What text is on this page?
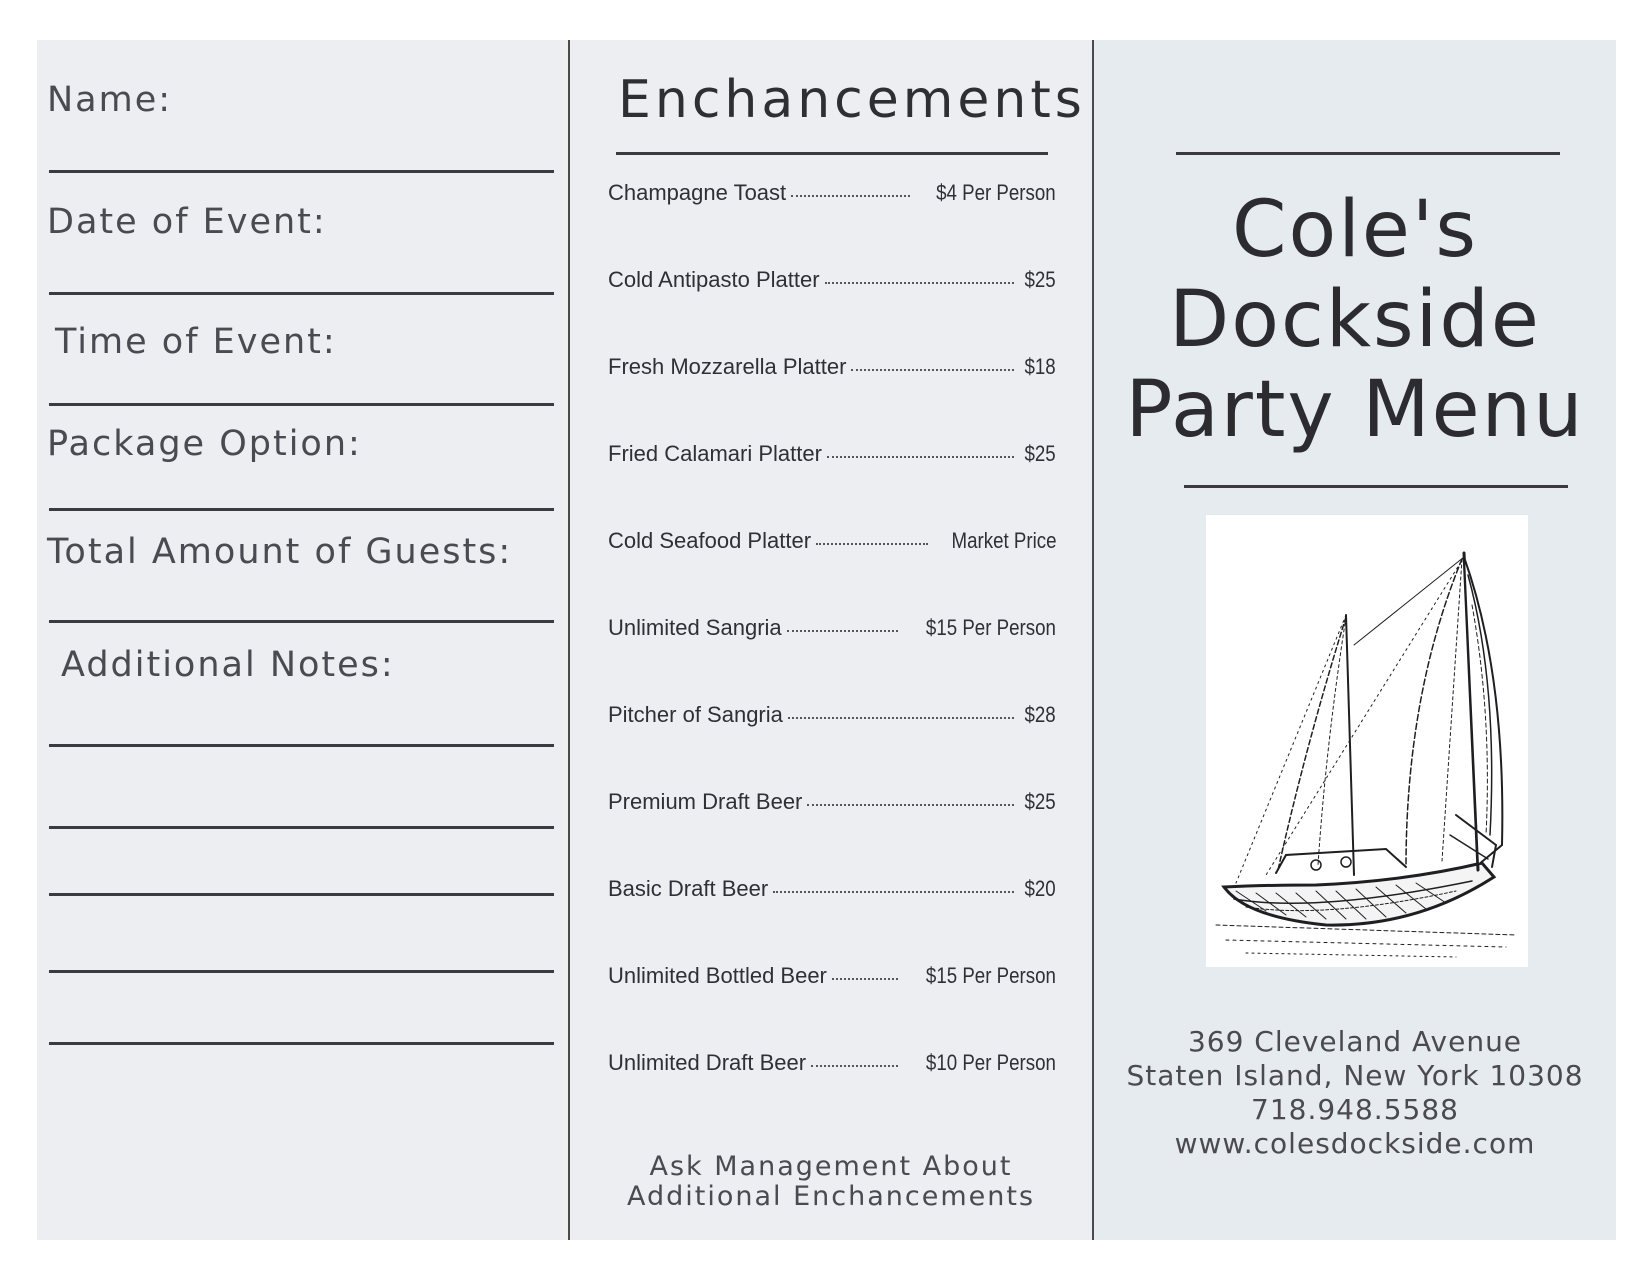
Name:
Date of Event:
Time of Event:
Package Option:
Total Amount of Guests:
Additional Notes:
Enchancements
Champagne Toast	$4 Per Person
Cold Antipasto Platter	$25
Fresh Mozzarella Platter	$18
Fried Calamari Platter	$25
Cold Seafood Platter	Market Price
Unlimited Sangria	$15 Per Person
Pitcher of Sangria	$28
Premium Draft Beer	$25
Basic Draft Beer	$20
Unlimited Bottled Beer	$15 Per Person
Unlimited Draft Beer	$10 Per Person
Ask Management About
Additional Enchancements
Cole's
Dockside
Party Menu
369 Cleveland Avenue
Staten Island, New York 10308
718.948.5588
www.colesdockside.com
